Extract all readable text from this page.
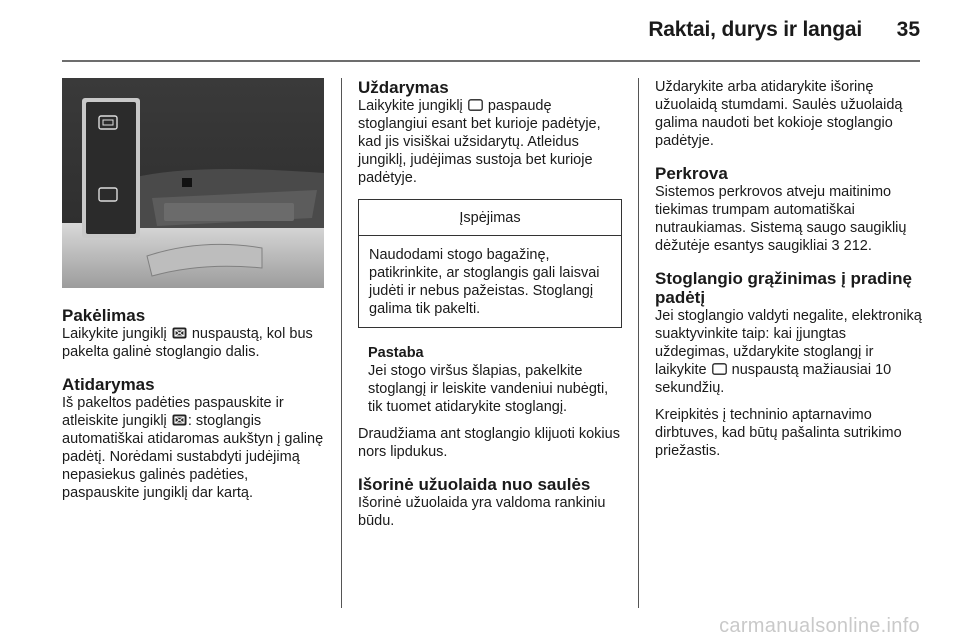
Raktai, durys ir langai 35
Pakėlimas

Laikykite jungiklį
nuspaustą, kol bus pakelta galinė stoglangio dalis.

Atidarymas

Iš pakeltos padėties paspauskite ir atleiskite jungiklį
: stoglangis automatiškai atidaromas aukštyn į galinę padėtį. Norėdami sustabdyti judėjimą nepasiekus galinės padėties, paspauskite jungiklį dar kartą.

Uždarymas

Laikykite jungiklį
paspaudę stoglangiui esant bet kurioje padėtyje, kad jis visiškai užsidarytų. Atleidus jungiklį, judėjimas sustoja bet kurioje padėtyje.

Įspėjimas
Naudodami stogo bagažinę, patikrinkite, ar stoglangis gali laisvai judėti ir nebus pažeistas. Stoglangį galima tik pakelti.
Pastaba

Jei stogo viršus šlapias, pakelkite stoglangį ir leiskite vandeniui nubėgti, tik tuomet atidarykite stoglangį.

Draudžiama ant stoglangio klijuoti kokius nors lipdukus.

Išorinė užuolaida nuo saulės

Išorinė užuolaida yra valdoma rankiniu būdu.

Uždarykite arba atidarykite išorinę užuolaidą stumdami. Saulės užuolaidą galima naudoti bet kokioje stoglangio padėtyje.

Perkrova

Sistemos perkrovos atveju maitinimo tiekimas trumpam automatiškai nutraukiamas. Sistemą saugo saugiklių dėžutėje esantys saugikliai 3 212.

Stoglangio grąžinimas į pradinę padėtį

Jei stoglangio valdyti negalite, elektroniką suaktyvinkite taip: kai įjungtas uždegimas, uždarykite stoglangį ir laikykite
nuspaustą mažiausiai 10 sekundžių.

Kreipkitės į techninio aptarnavimo dirbtuves, kad būtų pašalinta sutrikimo priežastis.

carmanualsonline.info
